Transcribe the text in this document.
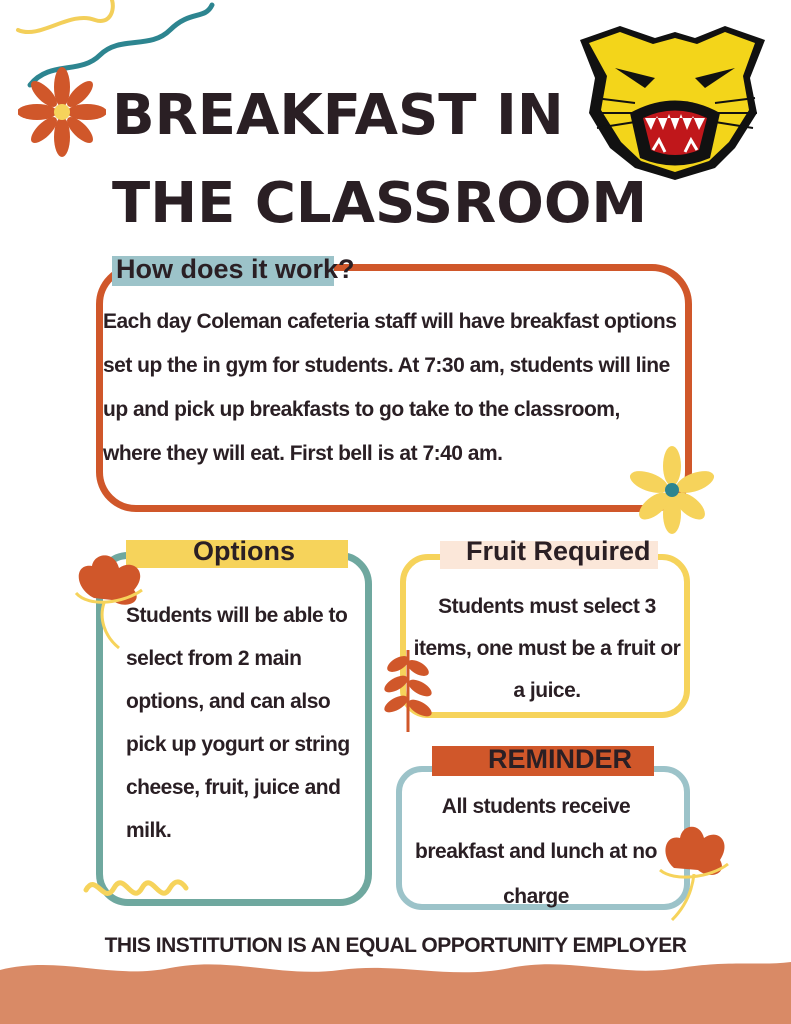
BREAKFAST IN
THE CLASSROOM
How does it work?
Each day Coleman cafeteria staff will have breakfast options set up the in gym for students. At 7:30 am, students will line up and pick up breakfasts to go take to the classroom, where they will eat. First bell is at 7:40 am.
Options
Students will be able to select from 2 main options, and can also pick up yogurt or string cheese, fruit, juice and milk.
Fruit Required
Students must select 3 items, one must be a fruit or a juice.
REMINDER
All students receive breakfast and lunch at no charge
THIS INSTITUTION IS AN EQUAL OPPORTUNITY EMPLOYER
